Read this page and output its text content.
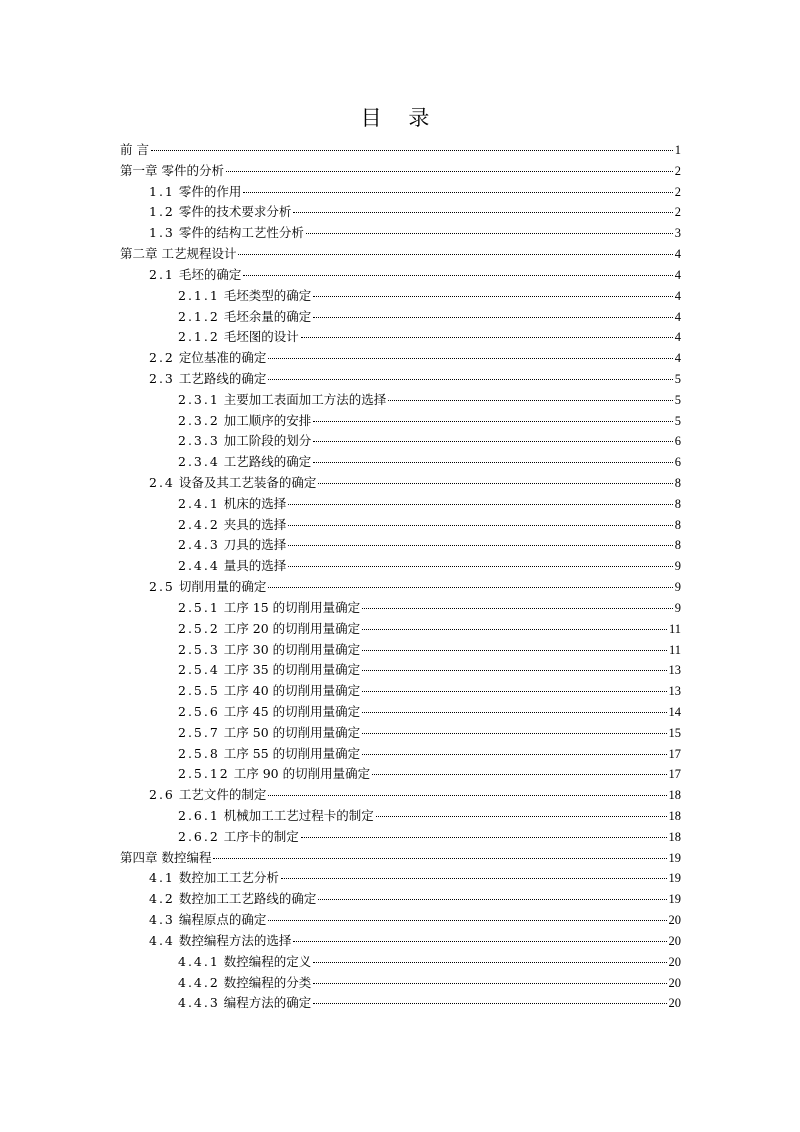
目 录
前 言	1
第一章 零件的分析	2
1.1 零件的作用	2
1.2 零件的技术要求分析	2
1.3 零件的结构工艺性分析	3
第二章 工艺规程设计	4
2.1 毛坯的确定	4
2.1.1 毛坯类型的确定	4
2.1.2 毛坯余量的确定	4
2.1.2 毛坯图的设计	4
2.2 定位基准的确定	4
2.3 工艺路线的确定	5
2.3.1 主要加工表面加工方法的选择	5
2.3.2 加工顺序的安排	5
2.3.3 加工阶段的划分	6
2.3.4 工艺路线的确定	6
2.4 设备及其工艺装备的确定	8
2.4.1 机床的选择	8
2.4.2 夹具的选择	8
2.4.3 刀具的选择	8
2.4.4 量具的选择	9
2.5 切削用量的确定	9
2.5.1 工序 15 的切削用量确定	9
2.5.2 工序 20 的切削用量确定	11
2.5.3 工序 30 的切削用量确定	11
2.5.4 工序 35 的切削用量确定	13
2.5.5 工序 40 的切削用量确定	13
2.5.6 工序 45 的切削用量确定	14
2.5.7 工序 50 的切削用量确定	15
2.5.8 工序 55 的切削用量确定	17
2.5.12 工序 90 的切削用量确定	17
2.6 工艺文件的制定	18
2.6.1 机械加工工艺过程卡的制定	18
2.6.2 工序卡的制定	18
第四章 数控编程	19
4.1 数控加工工艺分析	19
4.2 数控加工工艺路线的确定	19
4.3 编程原点的确定	20
4.4 数控编程方法的选择	20
4.4.1 数控编程的定义	20
4.4.2 数控编程的分类	20
4.4.3 编程方法的确定	20
